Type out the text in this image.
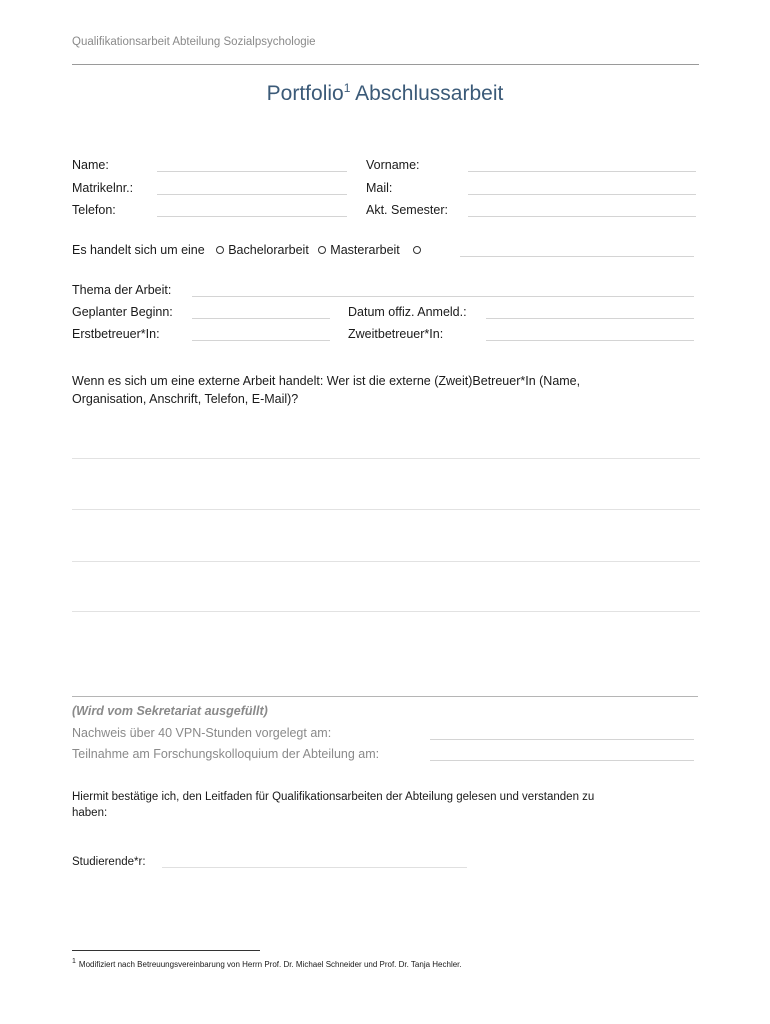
Qualifikationsarbeit Abteilung Sozialpsychologie
Portfolio$^1$ Abschlussarbeit
Name:	Vorname:
Matrikelnr.:	Mail:
Telefon:	Akt. Semester:
Es handelt sich um eine Bachelorarbeit Masterarbeit
Thema der Arbeit:
Geplanter Beginn:	Datum offiz. Anmeld.:
Erstbetreuer*In:	Zweitbetreuer*In:
Wenn es sich um eine externe Arbeit handelt: Wer ist die externe (Zweit)Betreuer*In (Name,
Organisation, Anschrift, Telefon, E-Mail)?
(Wird vom Sekretariat ausgefüllt)
Nachweis über 40 VPN-Stunden vorgelegt am:
Teilnahme am Forschungskolloquium der Abteilung am:
Hiermit bestätige ich, den Leitfaden für Qualifikationsarbeiten der Abteilung gelesen und verstanden zu
haben:
Studierende*r:
$^1$ Modifiziert nach Betreuungsvereinbarung von Herrn Prof. Dr. Michael Schneider und Prof. Dr. Tanja Hechler.
